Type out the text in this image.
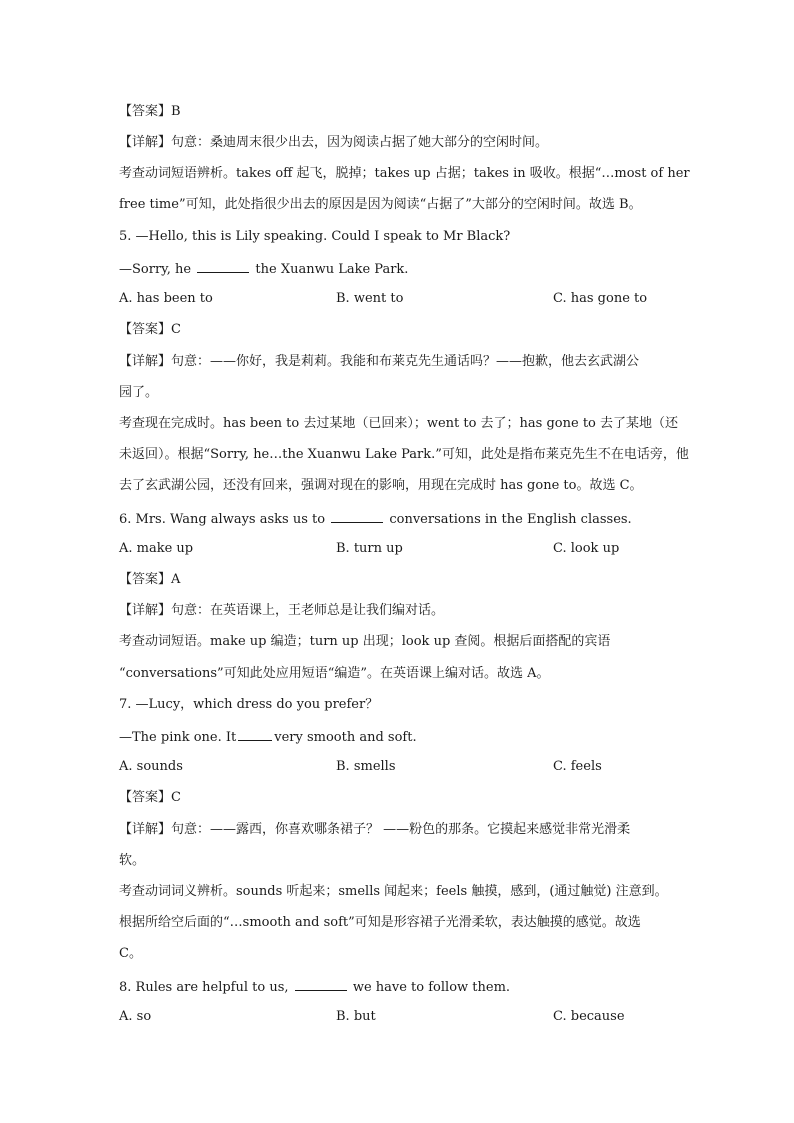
【答案】B
【详解】句意：桑迪周末很少出去，因为阅读占据了她大部分的空闲时间。
考查动词短语辨析。takes off 起飞，脱掉；takes up 占据；takes in 吸收。根据“…most of her
free time”可知，此处指很少出去的原因是因为阅读“占据了”大部分的空闲时间。故选 B。
5. —Hello, this is Lily speaking. Could I speak to Mr Black?
—Sorry, he	the Xuanwu Lake Park.
A. has been to	B. went to	C. has gone to
【答案】C
【详解】句意：——你好，我是莉莉。我能和布莱克先生通话吗？——抱歉，他去玄武湖公
园了。
考查现在完成时。has been to 去过某地（已回来）；went to 去了；has gone to 去了某地（还
未返回）。根据“Sorry, he…the Xuanwu Lake Park.”可知，此处是指布莱克先生不在电话旁，他
去了玄武湖公园，还没有回来，强调对现在的影响，用现在完成时 has gone to。故选 C。
6. Mrs. Wang always asks us to	conversations in the English classes.
A. make up	B. turn up	C. look up
【答案】A
【详解】句意：在英语课上，王老师总是让我们编对话。
考查动词短语。make up 编造；turn up 出现；look up 查阅。根据后面搭配的宾语
“conversations”可知此处应用短语“编造”。在英语课上编对话。故选 A。
7. —Lucy，which dress do you prefer？
—The pink one. It	very smooth and soft.
A. sounds	B. smells	C. feels
【答案】C
【详解】句意：——露西，你喜欢哪条裙子？ ——粉色的那条。它摸起来感觉非常光滑柔
软。
考查动词词义辨析。sounds 听起来；smells 闻起来；feels 触摸，感到，(通过触觉) 注意到。
根据所给空后面的“…smooth and soft”可知是形容裙子光滑柔软，表达触摸的感觉。故选
C。
8. Rules are helpful to us,	we have to follow them.
A. so	B. but	C. because
